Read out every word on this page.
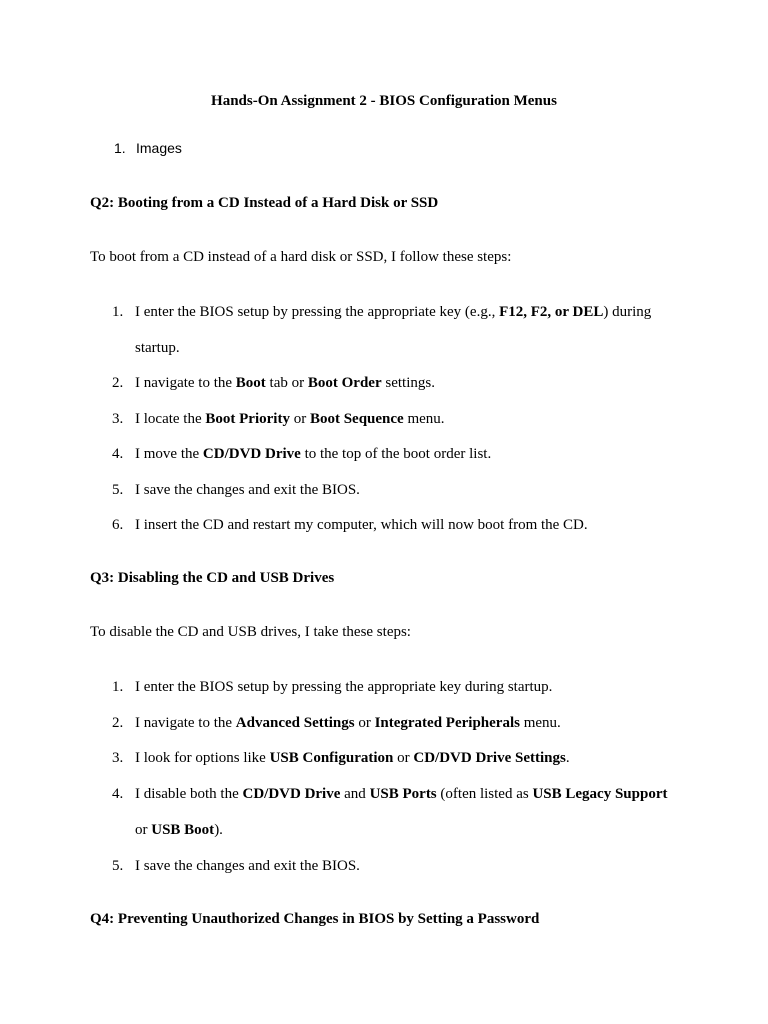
Hands-On Assignment 2 - BIOS Configuration Menus
1. Images
Q2: Booting from a CD Instead of a Hard Disk or SSD

To boot from a CD instead of a hard disk or SSD, I follow these steps:

1. I enter the BIOS setup by pressing the appropriate key (e.g., F12, F2, or DEL) during
startup.
2. I navigate to the Boot tab or Boot Order settings.
3. I locate the Boot Priority or Boot Sequence menu.
4. I move the CD/DVD Drive to the top of the boot order list.
5. I save the changes and exit the BIOS.
6. I insert the CD and restart my computer, which will now boot from the CD.
Q3: Disabling the CD and USB Drives

To disable the CD and USB drives, I take these steps:

1. I enter the BIOS setup by pressing the appropriate key during startup.
2. I navigate to the Advanced Settings or Integrated Peripherals menu.
3. I look for options like USB Configuration or CD/DVD Drive Settings.
4. I disable both the CD/DVD Drive and USB Ports (often listed as USB Legacy Support
or USB Boot).
5. I save the changes and exit the BIOS.
Q4: Preventing Unauthorized Changes in BIOS by Setting a Password
